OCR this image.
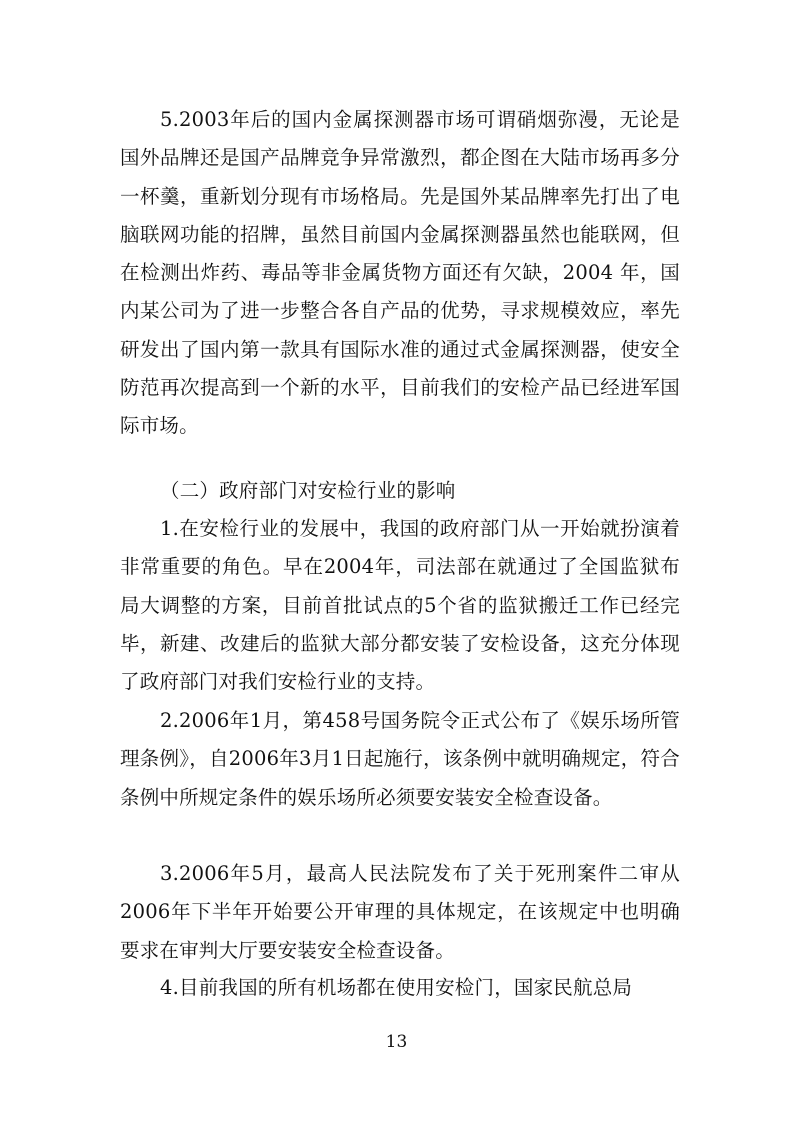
5.2003年后的国内金属探测器市场可谓硝烟弥漫，无论是国外品牌还是国产品牌竞争异常激烈，都企图在大陆市场再多分一杯羹，重新划分现有市场格局。先是国外某品牌率先打出了电脑联网功能的招牌，虽然目前国内金属探测器虽然也能联网，但在检测出炸药、毒品等非金属货物方面还有欠缺，2004 年，国内某公司为了进一步整合各自产品的优势，寻求规模效应，率先研发出了国内第一款具有国际水准的通过式金属探测器，使安全防范再次提高到一个新的水平，目前我们的安检产品已经进军国际市场。

（二）政府部门对安检行业的影响

1.在安检行业的发展中，我国的政府部门从一开始就扮演着非常重要的角色。早在2004年，司法部在就通过了全国监狱布局大调整的方案，目前首批试点的5个省的监狱搬迁工作已经完毕，新建、改建后的监狱大部分都安装了安检设备，这充分体现了政府部门对我们安检行业的支持。

2.2006年1月，第458号国务院令正式公布了《娱乐场所管理条例》，自2006年3月1日起施行，该条例中就明确规定，符合条例中所规定条件的娱乐场所必须要安装安全检查设备。

3.2006年5月，最高人民法院发布了关于死刑案件二审从2006年下半年开始要公开审理的具体规定，在该规定中也明确要求在审判大厅要安装安全检查设备。

4.目前我国的所有机场都在使用安检门，国家民航总局

13
